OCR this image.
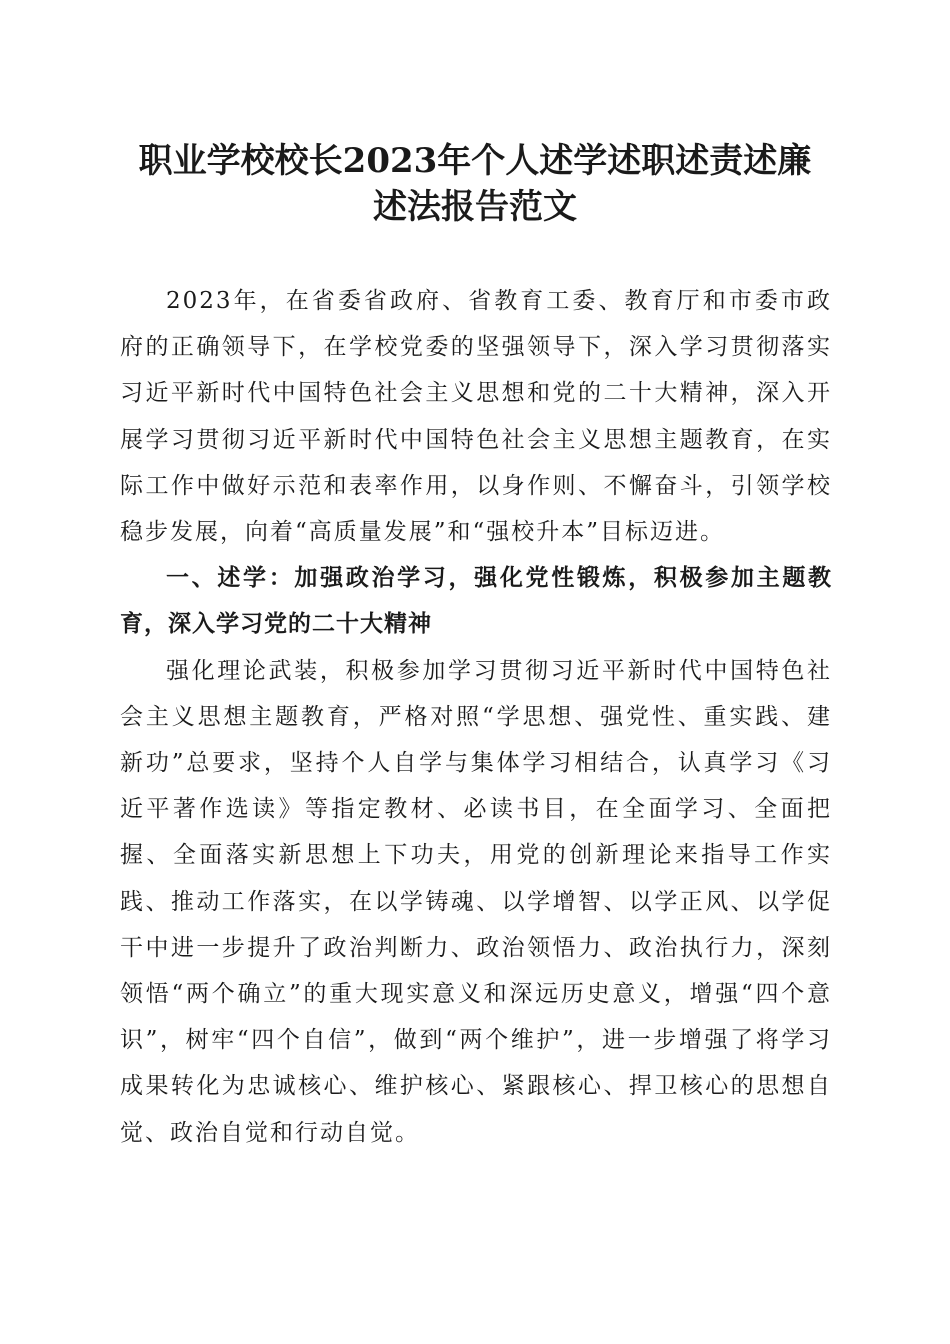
职业学校校长2023年个人述学述职述责述廉
述法报告范文

2023年，在省委省政府、省教育工委、教育厅和市委市政府的正确领导下，在学校党委的坚强领导下，深入学习贯彻落实习近平新时代中国特色社会主义思想和党的二十大精神，深入开展学习贯彻习近平新时代中国特色社会主义思想主题教育，在实际工作中做好示范和表率作用，以身作则、不懈奋斗，引领学校稳步发展，向着“高质量发展”和“强校升本”目标迈进。

一、述学：加强政治学习，强化党性锻炼，积极参加主题教育，深入学习党的二十大精神

强化理论武装，积极参加学习贯彻习近平新时代中国特色社会主义思想主题教育，严格对照“学思想、强党性、重实践、建新功”总要求，坚持个人自学与集体学习相结合，认真学习《习近平著作选读》等指定教材、必读书目，在全面学习、全面把握、全面落实新思想上下功夫，用党的创新理论来指导工作实践、推动工作落实，在以学铸魂、以学增智、以学正风、以学促干中进一步提升了政治判断力、政治领悟力、政治执行力，深刻领悟“两个确立”的重大现实意义和深远历史意义，增强“四个意识”，树牢“四个自信”，做到“两个维护”，进一步增强了将学习成果转化为忠诚核心、维护核心、紧跟核心、捍卫核心的思想自觉、政治自觉和行动自觉。
